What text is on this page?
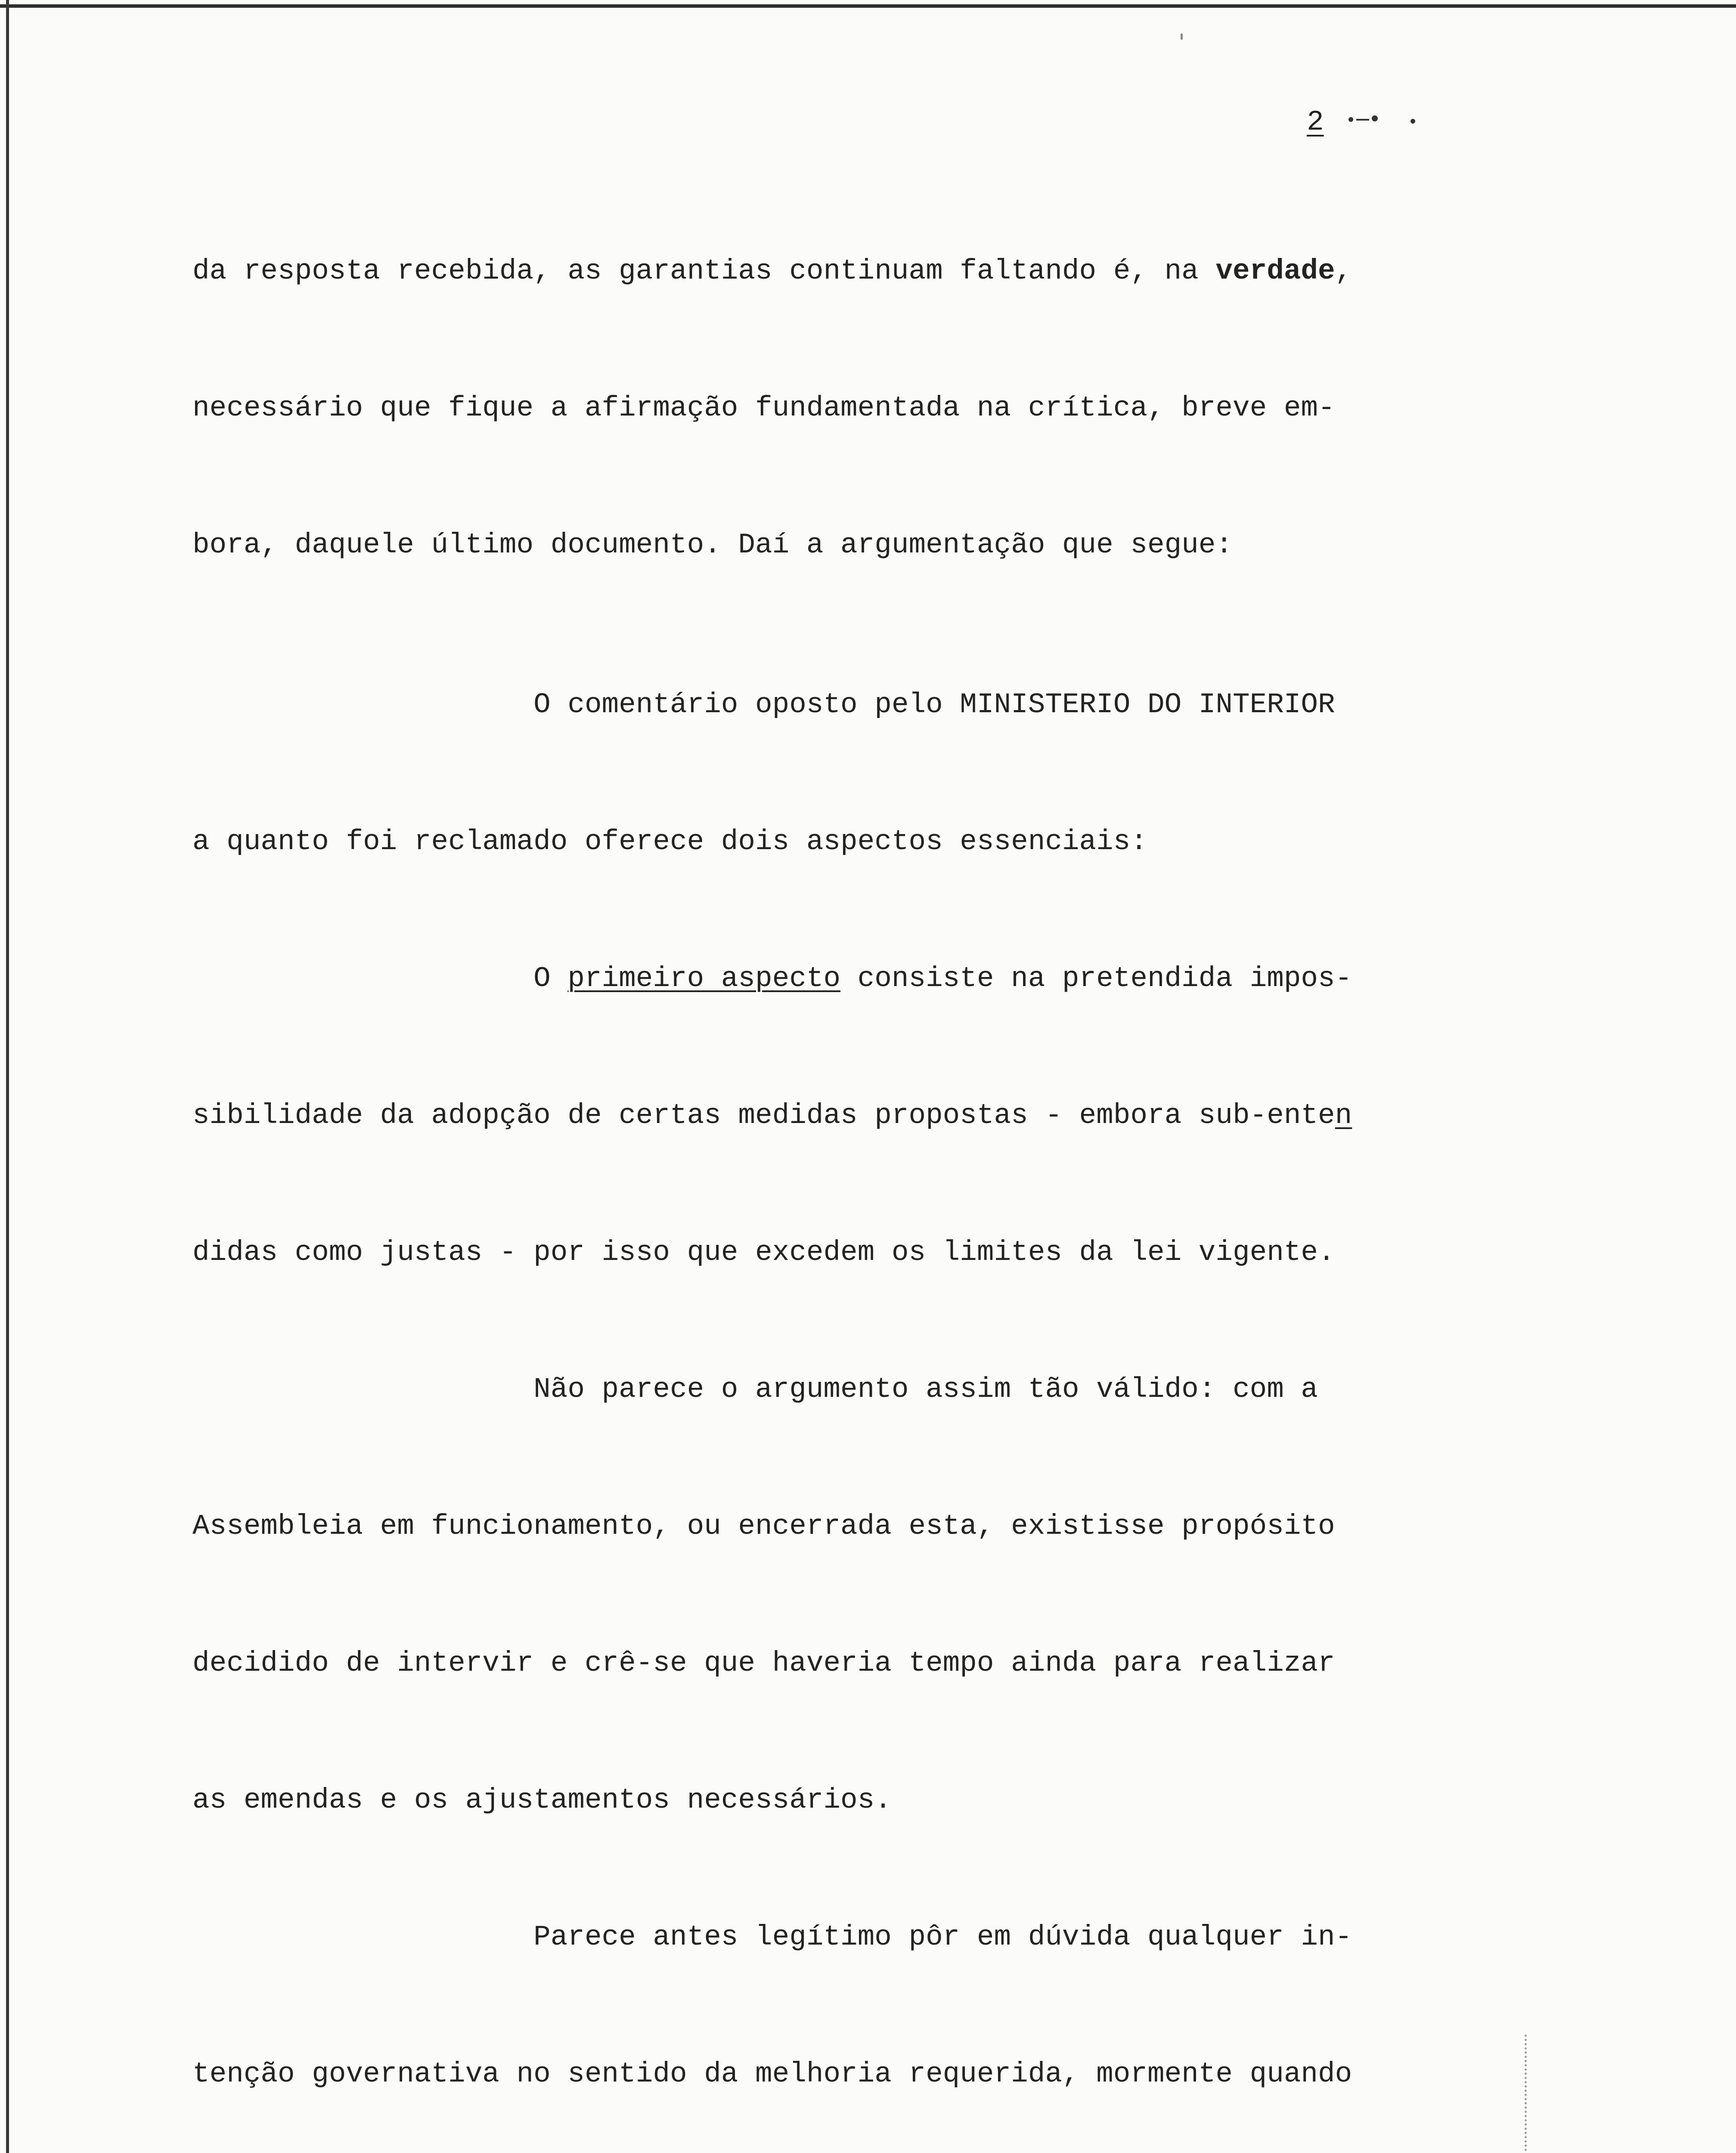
2

da resposta recebida, as garantias continuam faltando é, na verdade,

necessário que fique a afirmação fundamentada na crítica, breve em-

bora, daquele último documento. Daí a argumentação que segue:

O comentário oposto pelo MINISTERIO DO INTERIOR

a quanto foi reclamado oferece dois aspectos essenciais:

O primeiro aspecto consiste na pretendida impos-

sibilidade da adopção de certas medidas propostas - embora sub-enten

didas como justas - por isso que excedem os limites da lei vigente.

Não parece o argumento assim tão válido: com a

Assembleia em funcionamento, ou encerrada esta, existisse propósito

decidido de intervir e crê-se que haveria tempo ainda para realizar

as emendas e os ajustamentos necessários.

Parece antes legítimo pôr em dúvida qualquer in-

tenção governativa no sentido da melhoria requerida, mormente quando
